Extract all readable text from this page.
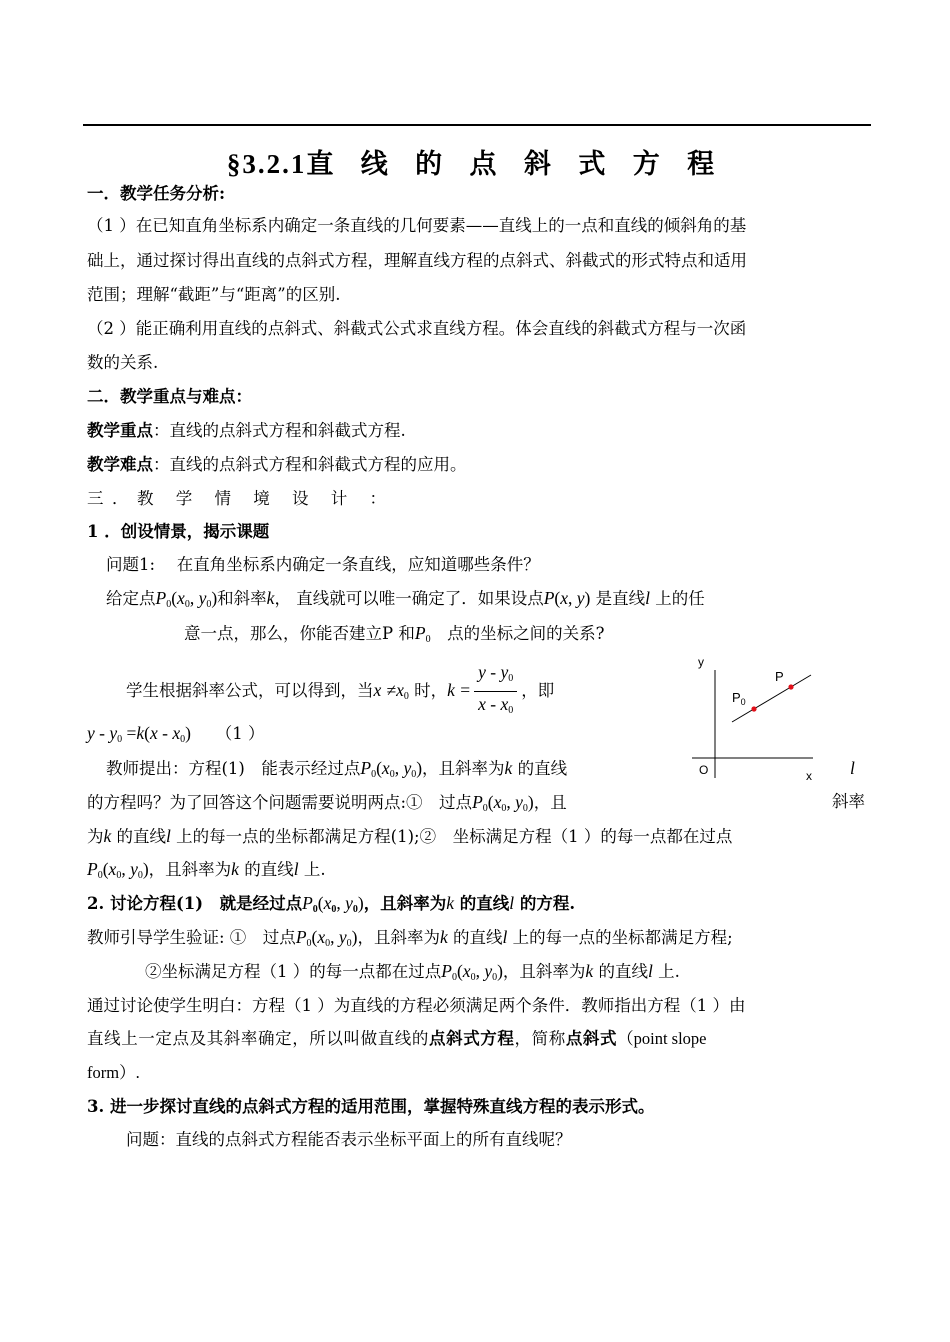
§3.2.1直 线 的 点 斜 式 方 程
一．教学任务分析:
（1 ）在已知直角坐标系内确定一条直线的几何要素——直线上的一点和直线的倾斜角的基
础上，通过探讨得出直线的点斜式方程，理解直线方程的点斜式、斜截式的形式特点和适用
范围；理解“截距”与“距离”的区别.
（2 ）能正确利用直线的点斜式、斜截式公式求直线方程。体会直线的斜截式方程与一次函
数的关系.
二．教学重点与难点：
教学重点：直线的点斜式方程和斜截式方程.
教学难点：直线的点斜式方程和斜截式方程的应用。
三．教 学 情 境 设 计 ：
1 ．创设情景，揭示课题
问题1:　 在直角坐标系内确定一条直线，应知道哪些条件？
给定点$P_0(x_0$, $y_0$)和斜率k， 直线就可以唯一确定了．如果设点P(x, y) 是直线l 上的任
意一点，那么，你能否建立P 和$P_0$　点的坐标之间的关系?
学生根据斜率公式，可以得到，当$x \ne x_0$ 时，$k = \frac{y - y_0}{x - x_0}$ ，即
$y - y_0 =k(x - x_0)$　　 （1 ）
教师提出：方程(1)　能表示经过点$P_0(x_0$, $y_0$)，且斜率为k 的直线	l
的方程吗？为了回答这个问题需要说明两点:①　过点$P_0(x_0$, $y_0$)，且	斜率
为k 的直线l 上的每一点的坐标都满足方程(1);②　坐标满足方程（1 ）的每一点都在过点
$P_0(x_0$, $y_0$)，且斜率为k 的直线l 上.
2. 讨论方程(1)　就是经过点$P_0(x_0$, $y_0$)，且斜率为k 的直线l 的方程.
教师引导学生验证: ①　过点$P_0(x_0$, $y_0$)，且斜率为k 的直线l 上的每一点的坐标都满足方程;
②坐标满足方程（1 ）的每一点都在过点$P_0(x_0$, $y_0$)，且斜率为k 的直线l 上.
通过讨论使学生明白：方程（1 ）为直线的方程必须满足两个条件．教师指出方程（1 ）由
直线上一定点及其斜率确定，所以叫做直线的点斜式方程，简称点斜式（point slope
form）.
3. 进一步探讨直线的点斜式方程的适用范围，掌握特殊直线方程的表示形式。
问题：直线的点斜式方程能否表示坐标平面上的所有直线呢？
y
x
O
P
$P_0$
